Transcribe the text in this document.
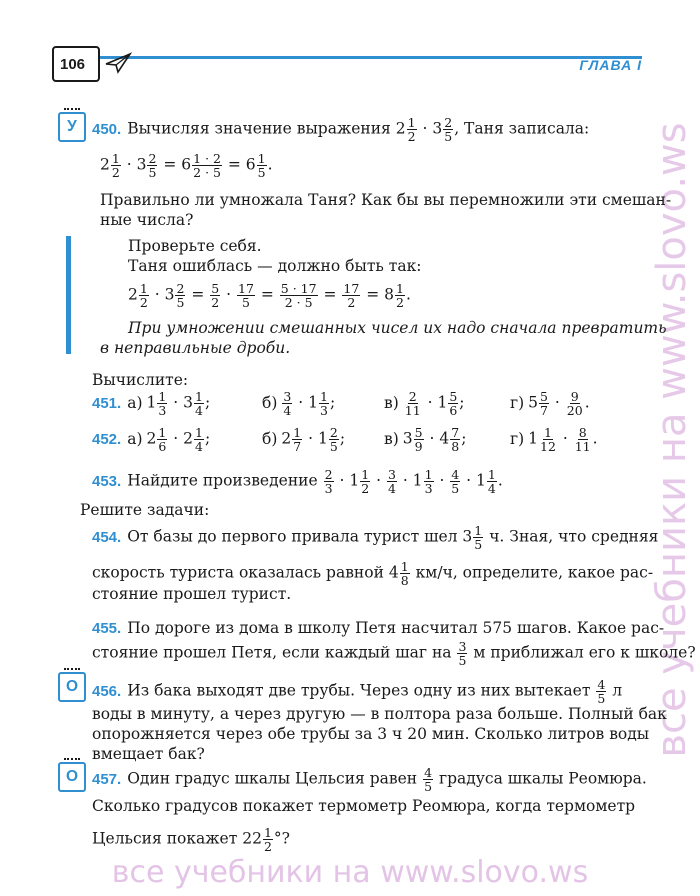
106	ГЛАВА I
все учебники на www.slovo.ws
все учебники на www.slovo.ws
У 450. Вычисляя значение выражения $2 \frac{1}{2} \cdot 3 \frac{2}{5}$ , Таня записала:
$2 \frac{1}{2} \cdot 3 \frac{2}{5} = 6 \frac{1 \cdot 2}{2 \cdot 5} = 6 \frac{1}{5}$ .
Правильно ли умножала Таня? Как бы вы перемножили эти смешан-
ные числа?
Проверьте себя.
Таня ошиблась — должно быть так:
$2 \frac{1}{2} \cdot 3 \frac{2}{5} = \frac{5}{2} \cdot \frac{17}{5} = \frac{5 \cdot 17}{2 \cdot 5} = \frac{17}{2} = 8 \frac{1}{2}$ .
При умножении смешанных чисел их надо сначала превратить
в неправильные дроби.
Вычислите:
451. а) $1 \frac{1}{3} \cdot 3 \frac{1}{4}$ ;	$б) \frac{3}{4} \cdot 1 \frac{1}{3}$ ;	$в) \frac{2}{11} \cdot 1 \frac{5}{6}$ ;	г) $5 \frac{5}{7} \cdot \frac{9}{20}$ .
452. а) $2 \frac{1}{6} \cdot 2 \frac{1}{4}$ ;	б) $2 \frac{1}{7} \cdot 1 \frac{2}{5}$ ;	в) $3 \frac{5}{9} \cdot 4 \frac{7}{8}$ ;	г) $1 \frac{1}{12} \cdot \frac{8}{11}$ .
453. Найдите произведение $\frac{2}{3} \cdot 1 \frac{1}{2} \cdot \frac{3}{4} \cdot 1 \frac{1}{3} \cdot \frac{4}{5} \cdot 1 \frac{1}{4}$ .
Решите задачи:
454. От базы до первого привала турист шел $3 \frac{1}{5} ч$. Зная, что средняя
скорость туриста оказалась равной $4 \frac{1}{8} км/ч$, определите, какое рас-
стояние прошел турист.
455. По дороге из дома в школу Петя насчитал 575 шагов. Какое рас-
стояние прошел Петя, если каждый шаг на $\frac{3}{5}$ м приближал его к школе?
О 456. Из бака выходят две трубы. Через одну из них вытекает $\frac{4}{5}$ л
воды в минуту, а через другую — в полтора раза больше. Полный бак
опорожняется через обе трубы за 3 ч 20 мин. Сколько литров воды
вмещает бак?
О 457. Один градус шкалы Цельсия равен $\frac{4}{5}$ градуса шкалы Реомюра.
Сколько градусов покажет термометр Реомюра, когда термометр
Цельсия покажет $22 \frac{1}{2}$ °?
